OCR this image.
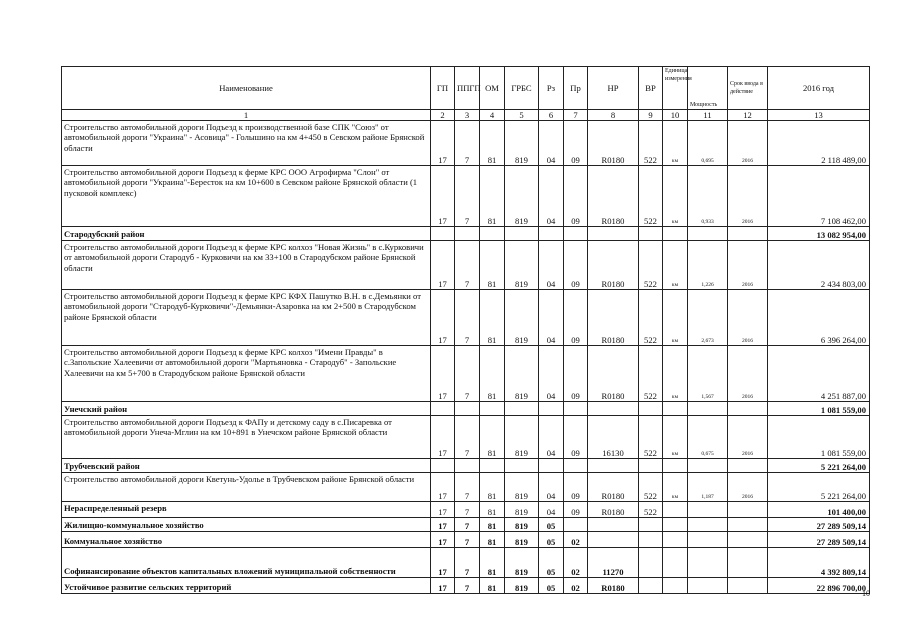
Наименование	ГП	ППГП	ОМ	ГРБС	Рз	Пр	НР	ВР	Единица измерения	Мощность	Срок ввода в действие	2016 год
1	2	3	4	5	6	7	8	9	10	11	12	13
Строительство автомобильной дороги Подъезд к производственной базе СПК "Союз" от автомобильной дороги "Украина" - Асовица" - Голышино на км 4+450 в Севском районе Брянской области	17	7	81	819	04	09	R0180	522	км	0,695	2016	2 118 489,00
Строительство автомобильной дороги Подъезд к ферме КРС ООО Агрофирма "Слон" от автомобильной дороги "Украина"-Бересток на км 10+600 в Севском районе Брянской области (1 пусковой комплекс)	17	7	81	819	04	09	R0180	522	км	0,933	2016	7 108 462,00
Стародубский район												13 082 954,00
Строительство автомобильной дороги Подъезд к ферме КРС колхоз "Новая Жизнь" в с.Курковичи от автомобильной дороги Стародуб - Курковичи на км 33+100 в Стародубском районе Брянской области	17	7	81	819	04	09	R0180	522	км	1,226	2016	2 434 803,00
Строительство автомобильной дороги Подъезд к ферме КРС КФХ Пашутко В.Н. в с.Демьянки от автомобильной дороги "Стародуб-Курковичи"-Демьянки-Азаровка на км 2+500 в Стародубском районе Брянской области	17	7	81	819	04	09	R0180	522	км	2,673	2016	6 396 264,00
Строительство автомобильной дороги Подъезд к ферме КРС колхоз "Имени Правды" в с.Запольские Халеевичи от автомобильной дороги "Мартьяновка - Стародуб" - Запольские Халеевичи на км 5+700 в Стародубском районе Брянской области	17	7	81	819	04	09	R0180	522	км	1,567	2016	4 251 887,00
Унечский район												1 081 559,00
Строительство автомобильной дороги Подъезд к ФАПу и детскому саду в с.Писаревка от автомобильной дороги Унеча-Мглин на км 10+891 в Унечском районе Брянской области	17	7	81	819	04	09	16130	522	км	0,675	2016	1 081 559,00
Трубчевский район												5 221 264,00
Строительство автомобильной дороги Кветунь-Удолье в Трубчевском районе Брянской области	17	7	81	819	04	09	R0180	522	км	1,187	2016	5 221 264,00
Нераспределенный резерв	17	7	81	819	04	09	R0180	522				101 400,00
Жилищно-коммунальное хозяйство	17	7	81	819	05							27 289 509,14
Коммунальное хозяйство	17	7	81	819	05	02						27 289 509,14
Софинансирование объектов капитальных вложений муниципальной собственности	17	7	81	819	05	02	11270					4 392 809,14
Устойчивое развитие сельских территорий	17	7	81	819	05	02	R0180					22 896 700,00
10
